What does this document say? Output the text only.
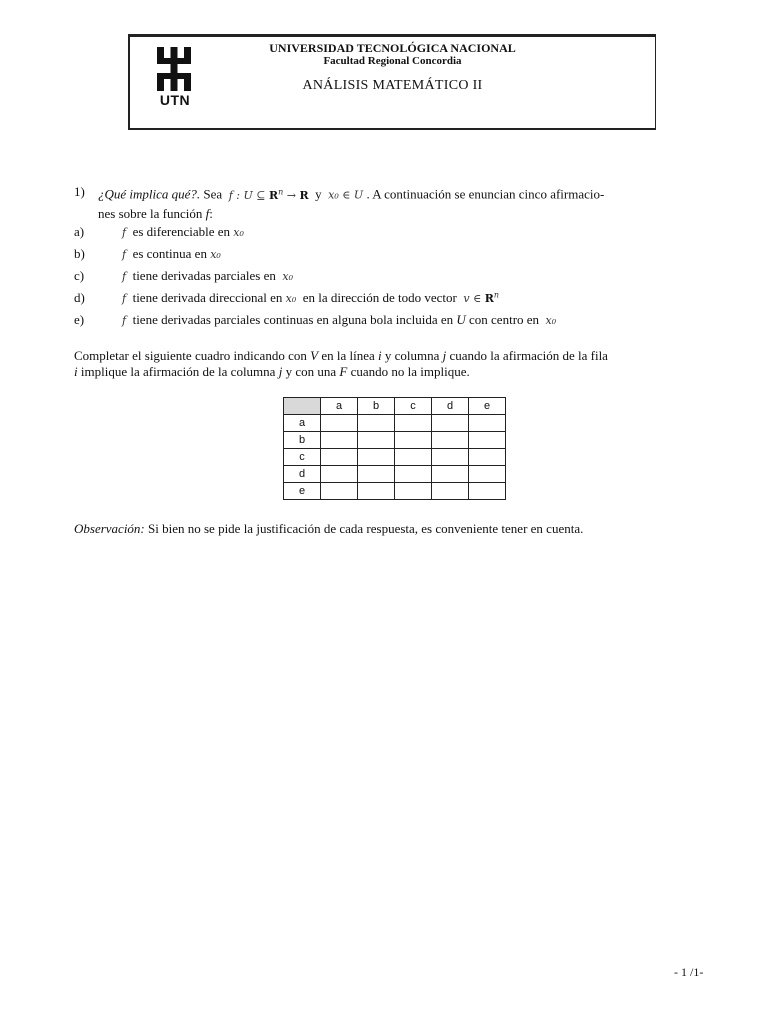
UTN
UNIVERSIDAD TECNOLÓGICA NACIONAL
Facultad Regional Concordia
ANÁLISIS MATEMÁTICO II
1) ¿Qué implica qué?. Sea f : U ⊆ $R^n \to R$ y x₀ ∈ U . A continuación se enuncian cinco afirmacio-
nes sobre la función f:
a)	f es diferenciable en x₀
b)	f es continua en x₀
c)	f tiene derivadas parciales en x₀
d)	f tiene derivada direccional en x₀ en la dirección de todo vector v ∈ $R^n$
e)	f tiene derivadas parciales continuas en alguna bola incluida en U con centro en x₀
Completar el siguiente cuadro indicando con V en la línea i y columna j cuando la afirmación de la fila
i implique la afirmación de la columna j y con una F cuando no la implique.
	a	b	c	d	e
a					
b					
c					
d					
e					
Observación: Si bien no se pide la justificación de cada respuesta, es conveniente tener en cuenta.
- 1 /1-
